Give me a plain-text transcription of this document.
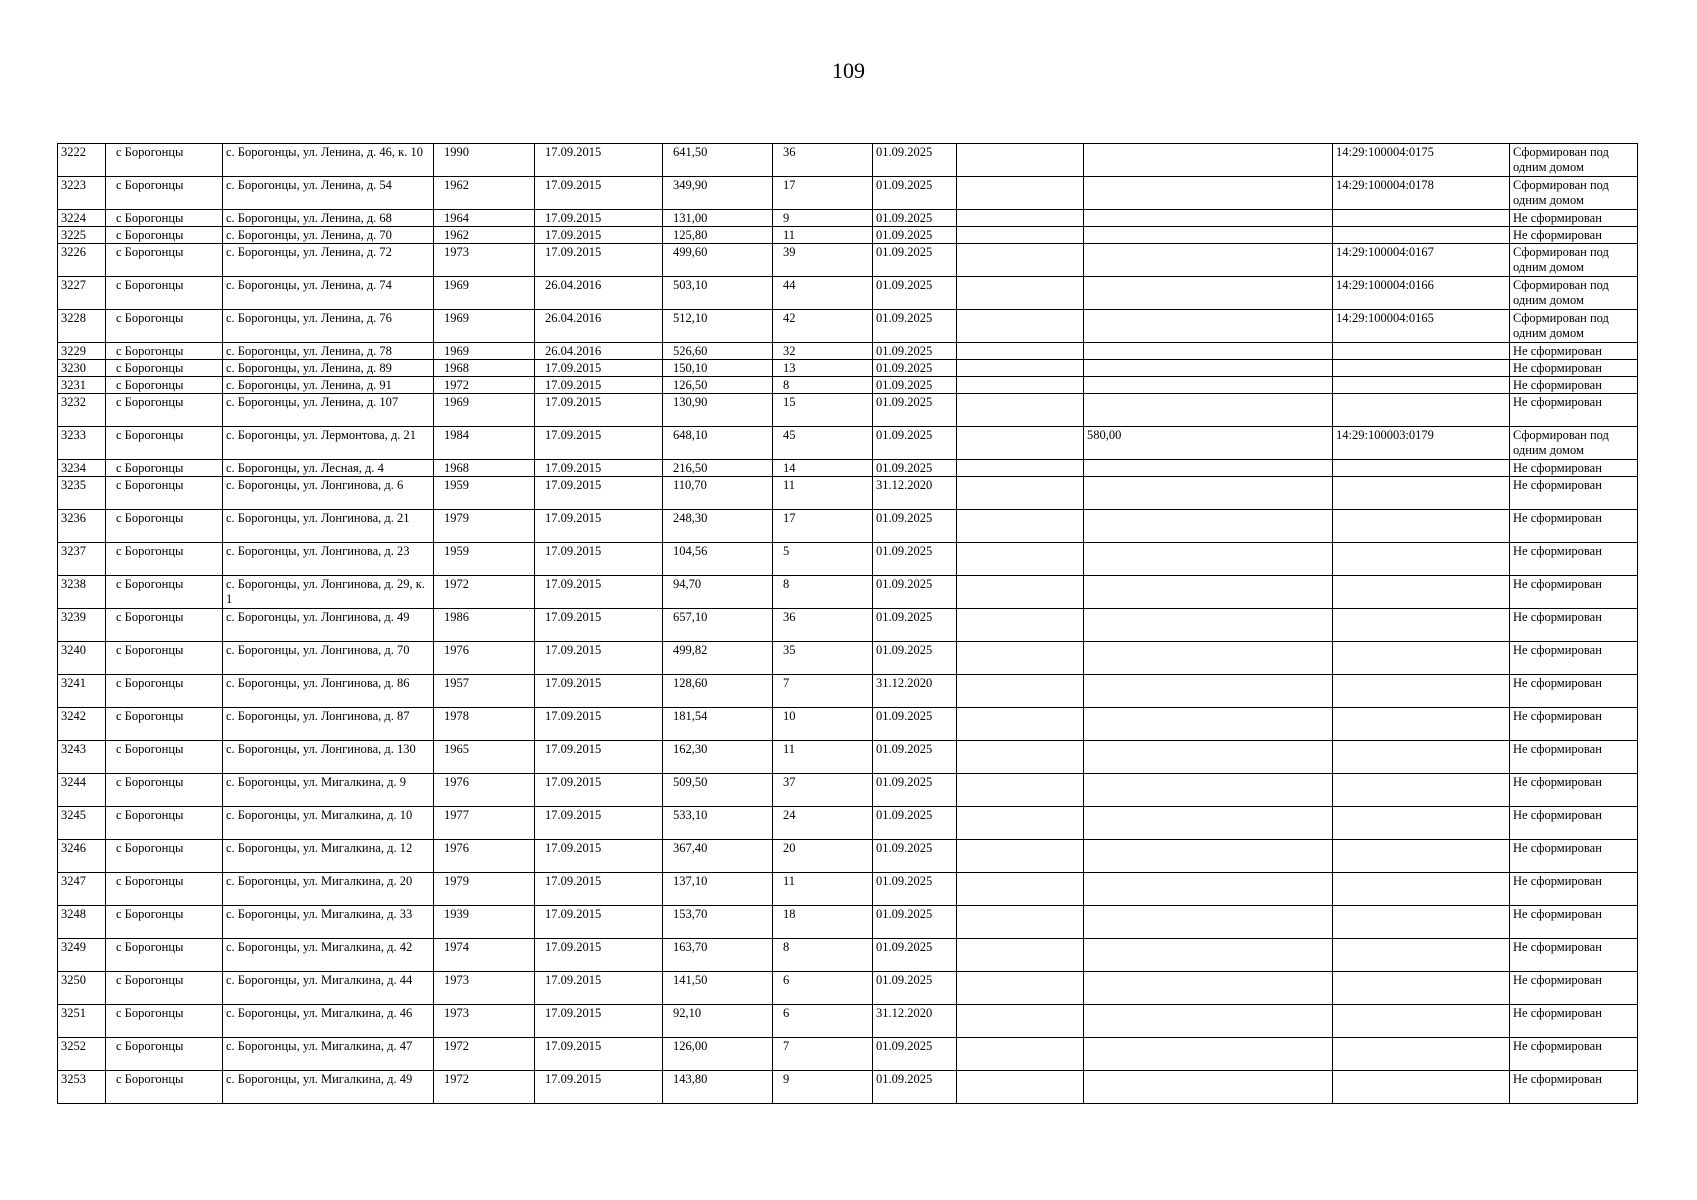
109
3222	с Борогонцы	с. Борогонцы, ул. Ленина, д. 46, к. 10	1990	17.09.2015	641,50	36	01.09.2025			14:29:100004:0175	Сформирован под одним домом
3223	с Борогонцы	с. Борогонцы, ул. Ленина, д. 54	1962	17.09.2015	349,90	17	01.09.2025			14:29:100004:0178	Сформирован под одним домом
3224	с Борогонцы	с. Борогонцы, ул. Ленина, д. 68	1964	17.09.2015	131,00	9	01.09.2025				Не сформирован
3225	с Борогонцы	с. Борогонцы, ул. Ленина, д. 70	1962	17.09.2015	125,80	11	01.09.2025				Не сформирован
3226	с Борогонцы	с. Борогонцы, ул. Ленина, д. 72	1973	17.09.2015	499,60	39	01.09.2025			14:29:100004:0167	Сформирован под одним домом
3227	с Борогонцы	с. Борогонцы, ул. Ленина, д. 74	1969	26.04.2016	503,10	44	01.09.2025			14:29:100004:0166	Сформирован под одним домом
3228	с Борогонцы	с. Борогонцы, ул. Ленина, д. 76	1969	26.04.2016	512,10	42	01.09.2025			14:29:100004:0165	Сформирован под одним домом
3229	с Борогонцы	с. Борогонцы, ул. Ленина, д. 78	1969	26.04.2016	526,60	32	01.09.2025				Не сформирован
3230	с Борогонцы	с. Борогонцы, ул. Ленина, д. 89	1968	17.09.2015	150,10	13	01.09.2025				Не сформирован
3231	с Борогонцы	с. Борогонцы, ул. Ленина, д. 91	1972	17.09.2015	126,50	8	01.09.2025				Не сформирован
3232	с Борогонцы	с. Борогонцы, ул. Ленина, д. 107	1969	17.09.2015	130,90	15	01.09.2025				Не сформирован
3233	с Борогонцы	с. Борогонцы, ул. Лермонтова, д. 21	1984	17.09.2015	648,10	45	01.09.2025		580,00	14:29:100003:0179	Сформирован под одним домом
3234	с Борогонцы	с. Борогонцы, ул. Лесная, д. 4	1968	17.09.2015	216,50	14	01.09.2025				Не сформирован
3235	с Борогонцы	с. Борогонцы, ул. Лонгинова, д. 6	1959	17.09.2015	110,70	11	31.12.2020				Не сформирован
3236	с Борогонцы	с. Борогонцы, ул. Лонгинова, д. 21	1979	17.09.2015	248,30	17	01.09.2025				Не сформирован
3237	с Борогонцы	с. Борогонцы, ул. Лонгинова, д. 23	1959	17.09.2015	104,56	5	01.09.2025				Не сформирован
3238	с Борогонцы	с. Борогонцы, ул. Лонгинова, д. 29, к. 1	1972	17.09.2015	94,70	8	01.09.2025				Не сформирован
3239	с Борогонцы	с. Борогонцы, ул. Лонгинова, д. 49	1986	17.09.2015	657,10	36	01.09.2025				Не сформирован
3240	с Борогонцы	с. Борогонцы, ул. Лонгинова, д. 70	1976	17.09.2015	499,82	35	01.09.2025				Не сформирован
3241	с Борогонцы	с. Борогонцы, ул. Лонгинова, д. 86	1957	17.09.2015	128,60	7	31.12.2020				Не сформирован
3242	с Борогонцы	с. Борогонцы, ул. Лонгинова, д. 87	1978	17.09.2015	181,54	10	01.09.2025				Не сформирован
3243	с Борогонцы	с. Борогонцы, ул. Лонгинова, д. 130	1965	17.09.2015	162,30	11	01.09.2025				Не сформирован
3244	с Борогонцы	с. Борогонцы, ул. Мигалкина, д. 9	1976	17.09.2015	509,50	37	01.09.2025				Не сформирован
3245	с Борогонцы	с. Борогонцы, ул. Мигалкина, д. 10	1977	17.09.2015	533,10	24	01.09.2025				Не сформирован
3246	с Борогонцы	с. Борогонцы, ул. Мигалкина, д. 12	1976	17.09.2015	367,40	20	01.09.2025				Не сформирован
3247	с Борогонцы	с. Борогонцы, ул. Мигалкина, д. 20	1979	17.09.2015	137,10	11	01.09.2025				Не сформирован
3248	с Борогонцы	с. Борогонцы, ул. Мигалкина, д. 33	1939	17.09.2015	153,70	18	01.09.2025				Не сформирован
3249	с Борогонцы	с. Борогонцы, ул. Мигалкина, д. 42	1974	17.09.2015	163,70	8	01.09.2025				Не сформирован
3250	с Борогонцы	с. Борогонцы, ул. Мигалкина, д. 44	1973	17.09.2015	141,50	6	01.09.2025				Не сформирован
3251	с Борогонцы	с. Борогонцы, ул. Мигалкина, д. 46	1973	17.09.2015	92,10	6	31.12.2020				Не сформирован
3252	с Борогонцы	с. Борогонцы, ул. Мигалкина, д. 47	1972	17.09.2015	126,00	7	01.09.2025				Не сформирован
3253	с Борогонцы	с. Борогонцы, ул. Мигалкина, д. 49	1972	17.09.2015	143,80	9	01.09.2025				Не сформирован
